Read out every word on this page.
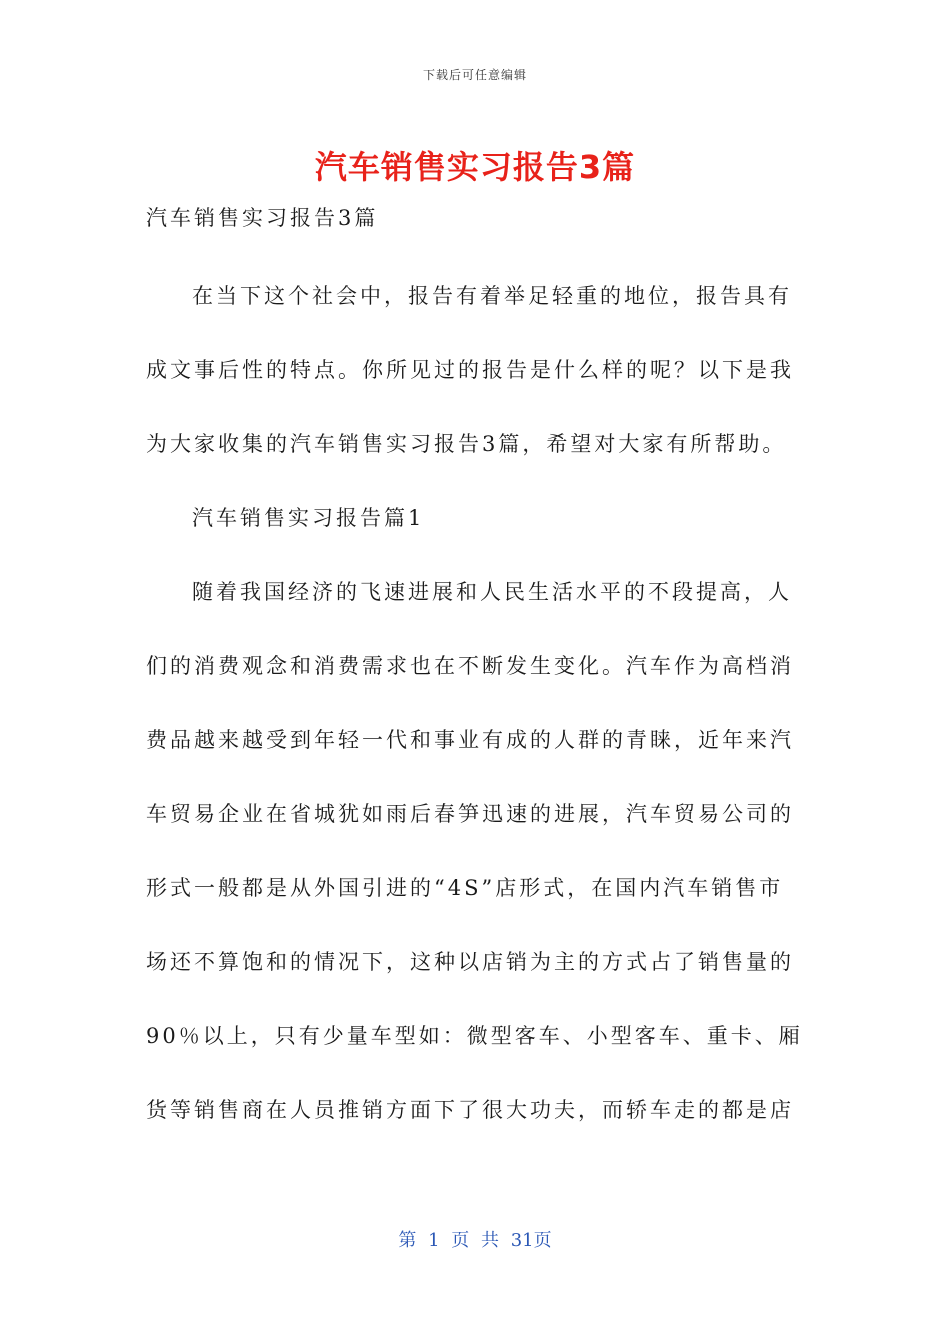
下载后可任意编辑
汽车销售实习报告3篇

汽车销售实习报告3篇

在当下这个社会中，报告有着举足轻重的地位，报告具有

成文事后性的特点。你所见过的报告是什么样的呢？以下是我

为大家收集的汽车销售实习报告3篇，希望对大家有所帮助。

汽车销售实习报告篇1

随着我国经济的飞速进展和人民生活水平的不段提高，人

们的消费观念和消费需求也在不断发生变化。汽车作为高档消

费品越来越受到年轻一代和事业有成的人群的青睐，近年来汽

车贸易企业在省城犹如雨后春笋迅速的进展，汽车贸易公司的

形式一般都是从外国引进的“4S”店形式，在国内汽车销售市

场还不算饱和的情况下，这种以店销为主的方式占了销售量的

90％以上，只有少量车型如：微型客车、小型客车、重卡、厢

货等销售商在人员推销方面下了很大功夫，而轿车走的都是店

第 1 页 共 31页
